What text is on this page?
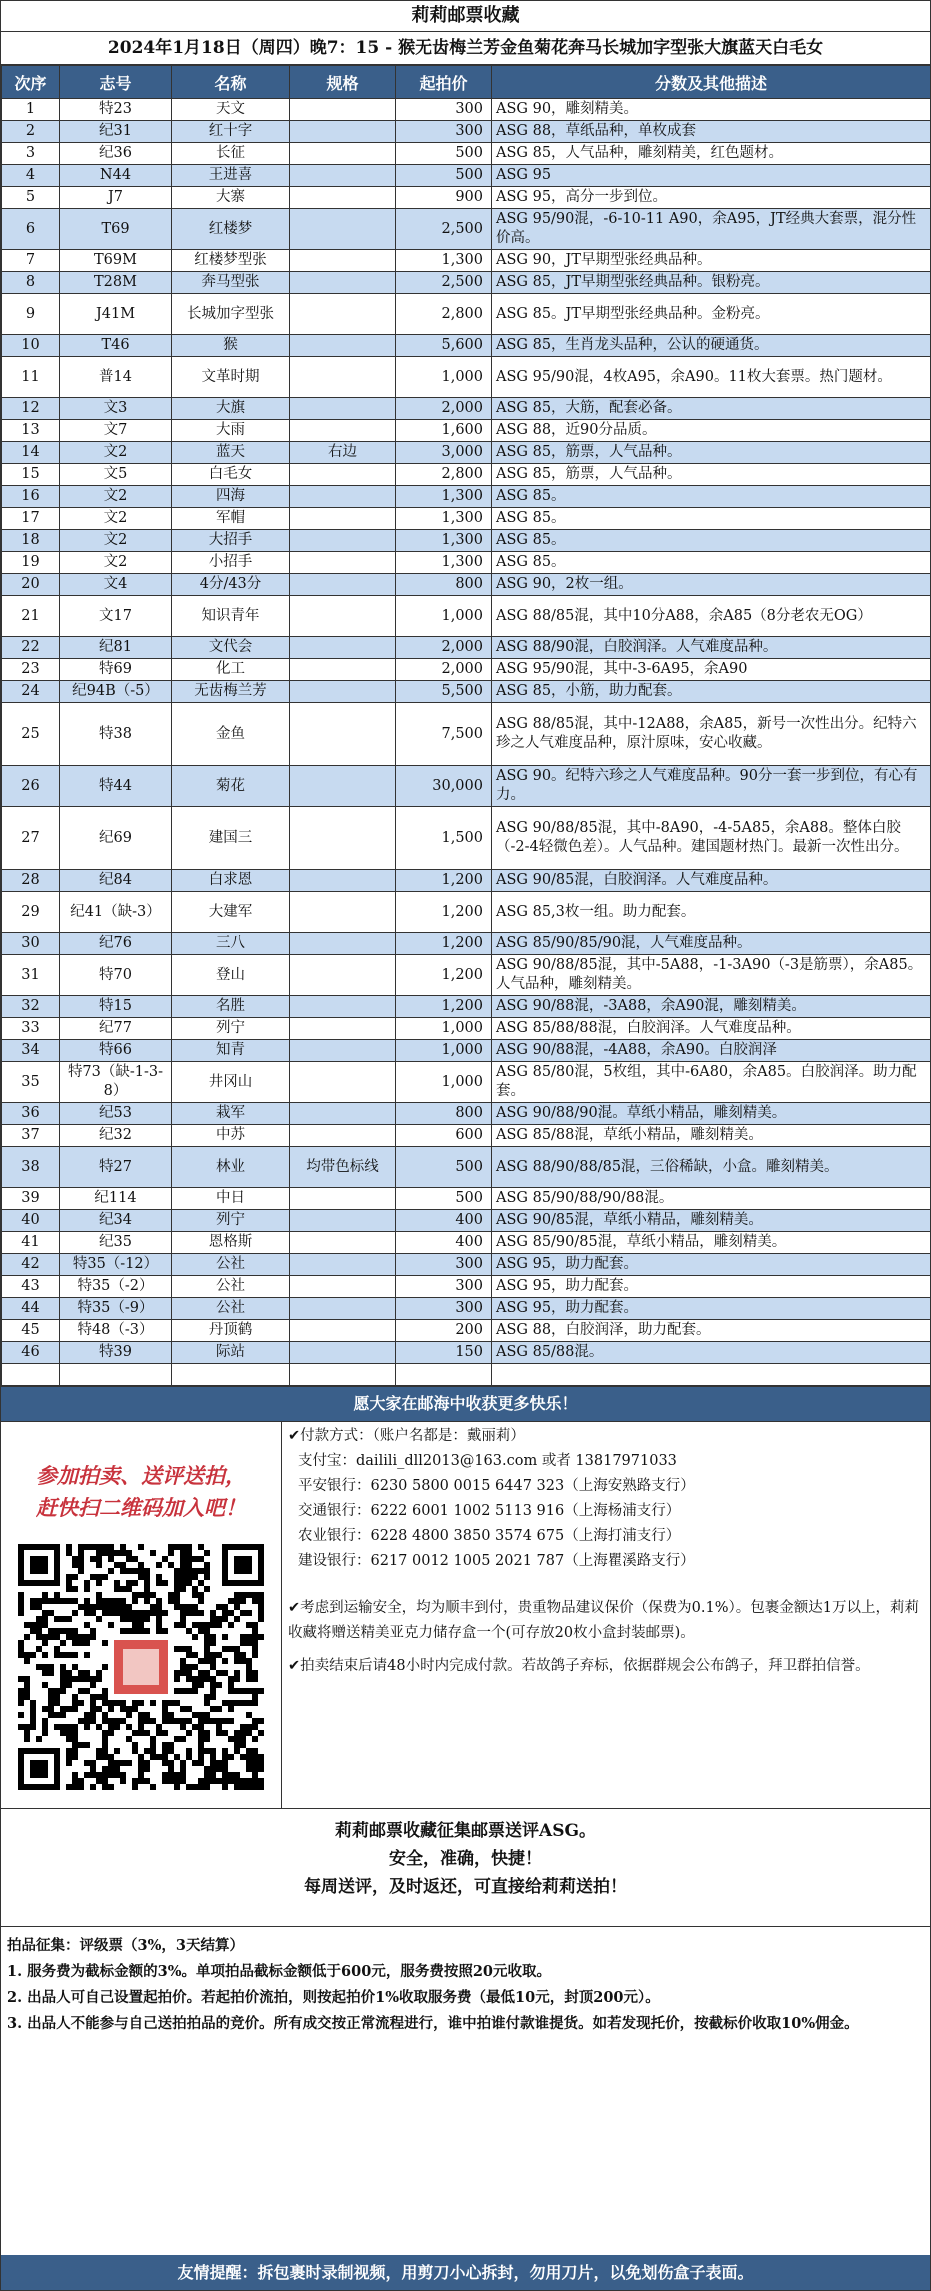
莉莉邮票收藏
2024年1月18日（周四）晚7：15 - 猴无齿梅兰芳金鱼菊花奔马长城加字型张大旗蓝天白毛女
次序	志号	名称	规格	起拍价	分数及其他描述
1	特23	天文		300	ASG 90，雕刻精美。
2	纪31	红十字		300	ASG 88，草纸品种，单枚成套
3	纪36	长征		500	ASG 85，人气品种，雕刻精美，红色题材。
4	N44	王进喜		500	ASG 95
5	J7	大寨		900	ASG 95，高分一步到位。
6	T69	红楼梦		2,500	ASG 95/90混，-6-10-11 A90，余A95，JT经典大套票，混分性价高。
7	T69M	红楼梦型张		1,300	ASG 90，JT早期型张经典品种。
8	T28M	奔马型张		2,500	ASG 85，JT早期型张经典品种。银粉亮。
9	J41M	长城加字型张		2,800	ASG 85。JT早期型张经典品种。金粉亮。
10	T46	猴		5,600	ASG 85，生肖龙头品种，公认的硬通货。
11	普14	文革时期		1,000	ASG 95/90混，4枚A95，余A90。11枚大套票。热门题材。
12	文3	大旗		2,000	ASG 85，大筋，配套必备。
13	文7	大雨		1,600	ASG 88，近90分品质。
14	文2	蓝天	右边	3,000	ASG 85，筋票，人气品种。
15	文5	白毛女		2,800	ASG 85，筋票，人气品种。
16	文2	四海		1,300	ASG 85。
17	文2	军帽		1,300	ASG 85。
18	文2	大招手		1,300	ASG 85。
19	文2	小招手		1,300	ASG 85。
20	文4	4分/43分		800	ASG 90，2枚一组。
21	文17	知识青年		1,000	ASG 88/85混，其中10分A88，余A85（8分老农无OG）
22	纪81	文代会		2,000	ASG 88/90混，白胶润泽。人气难度品种。
23	特69	化工		2,000	ASG 95/90混，其中-3-6A95，余A90
24	纪94B（-5）	无齿梅兰芳		5,500	ASG 85，小筋，助力配套。
25	特38	金鱼		7,500	ASG 88/85混，其中-12A88，余A85，新号一次性出分。纪特六珍之人气难度品种，原汁原味，安心收藏。
26	特44	菊花		30,000	ASG 90。纪特六珍之人气难度品种。90分一套一步到位，有心有力。
27	纪69	建国三		1,500	ASG 90/88/85混，其中-8A90，-4-5A85，余A88。整体白胶（-2-4轻微色差）。人气品种。建国题材热门。最新一次性出分。
28	纪84	白求恩		1,200	ASG 90/85混，白胶润泽。人气难度品种。
29	纪41（缺-3）	大建军		1,200	ASG 85,3枚一组。助力配套。
30	纪76	三八		1,200	ASG 85/90/85/90混，人气难度品种。
31	特70	登山		1,200	ASG 90/88/85混，其中-5A88，-1-3A90（-3是筋票），余A85。人气品种，雕刻精美。
32	特15	名胜		1,200	ASG 90/88混，-3A88，余A90混，雕刻精美。
33	纪77	列宁		1,000	ASG 85/88/88混，白胶润泽。人气难度品种。
34	特66	知青		1,000	ASG 90/88混，-4A88，余A90。白胶润泽
35	特73（缺-1-3-8）	井冈山		1,000	ASG 85/80混，5枚组，其中-6A80，余A85。白胶润泽。助力配套。
36	纪53	栽军		800	ASG 90/88/90混。草纸小精品，雕刻精美。
37	纪32	中苏		600	ASG 85/88混，草纸小精品，雕刻精美。
38	特27	林业	均带色标线	500	ASG 88/90/88/85混，三俗稀缺，小盒。雕刻精美。
39	纪114	中日		500	ASG 85/90/88/90/88混。
40	纪34	列宁		400	ASG 90/85混，草纸小精品，雕刻精美。
41	纪35	恩格斯		400	ASG 85/90/85混，草纸小精品，雕刻精美。
42	特35（-12）	公社		300	ASG 95，助力配套。
43	特35（-2）	公社		300	ASG 95，助力配套。
44	特35（-9）	公社		300	ASG 95，助力配套。
45	特48（-3）	丹顶鹤		200	ASG 88，白胶润泽，助力配套。
46	特39	际站		150	ASG 85/88混。

愿大家在邮海中收获更多快乐！
参加拍卖、送评送拍，
赶快扫二维码加入吧！
✔付款方式：（账户名都是：戴丽莉）
支付宝：dailili_dll2013@163.com 或者 13817971033
平安银行：6230 5800 0015 6447 323（上海安熟路支行）
交通银行：6222 6001 1002 5113 916（上海杨浦支行）
农业银行：6228 4800 3850 3574 675（上海打浦支行）
建设银行：6217 0012 1005 2021 787（上海瞿溪路支行）
✔考虑到运输安全，均为顺丰到付，贵重物品建议保价（保费为0.1%）。包裹金额达1万以上，莉莉收藏将赠送精美亚克力储存盒一个(可存放20枚小盒封装邮票)。
✔拍卖结束后请48小时内完成付款。若故鸽子弃标，依据群规会公布鸽子，拜卫群拍信誉。
莉莉邮票收藏征集邮票送评ASG。
安全，准确，快捷！
每周送评，及时返还，可直接给莉莉送拍！
拍品征集：评级票（3%，3天结算）
1. 服务费为截标金额的3%。单项拍品截标金额低于600元，服务费按照20元收取。
2. 出品人可自己设置起拍价。若起拍价流拍，则按起拍价1%收取服务费（最低10元，封顶200元）。
3. 出品人不能参与自己送拍拍品的竞价。所有成交按正常流程进行，谁中拍谁付款谁提货。如若发现托价，按截标价收取10%佣金。
友情提醒：拆包裹时录制视频，用剪刀小心拆封，勿用刀片，以免划伤盒子表面。
